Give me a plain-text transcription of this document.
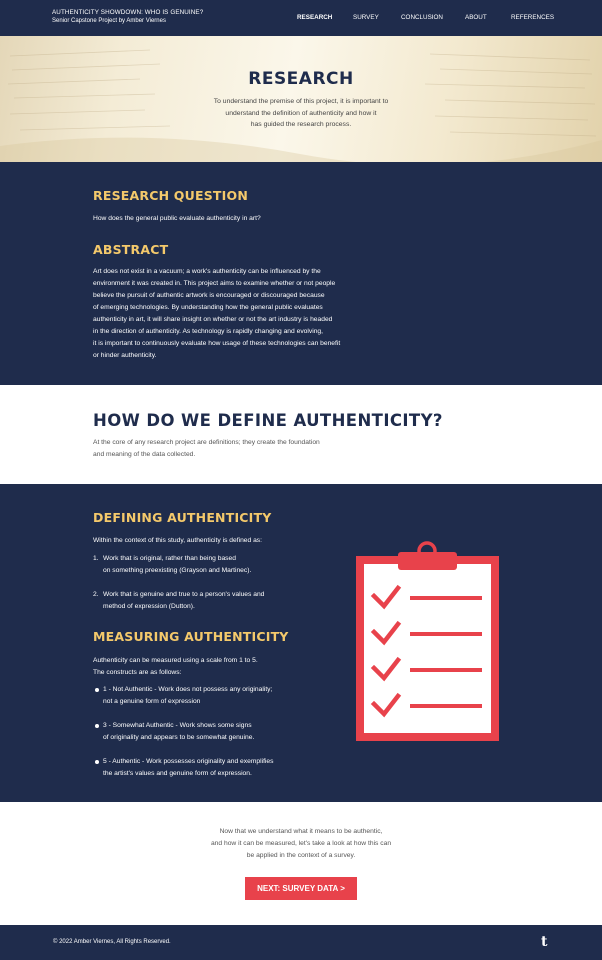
AUTHENTICITY SHOWDOWN: WHO IS GENUINE?
Senior Capstone Project by Amber Viernes	RESEARCH	SURVEY	CONCLUSION	ABOUT	REFERENCES
RESEARCH
To understand the premise of this project, it is important to
understand the definition of authenticity and how it
has guided the research process.
RESEARCH QUESTION
How does the general public evaluate authenticity in art?
ABSTRACT
Art does not exist in a vacuum; a work's authenticity can be influenced by the
environment it was created in. This project aims to examine whether or not people
believe the pursuit of authentic artwork is encouraged or discouraged because
of emerging technologies. By understanding how the general public evaluates
authenticity in art, it will share insight on whether or not the art industry is headed
in the direction of authenticity. As technology is rapidly changing and evolving,
it is important to continuously evaluate how usage of these technologies can benefit
or hinder authenticity.
HOW DO WE DEFINE AUTHENTICITY?
At the core of any research project are definitions; they create the foundation
and meaning of the data collected.
DEFINING AUTHENTICITY
Within the context of this study, authenticity is defined as:
1. Work that is original, rather than being based
on something preexisting (Grayson and Martinec).
2. Work that is genuine and true to a person's values and
method of expression (Dutton).
MEASURING AUTHENTICITY
Authenticity can be measured using a scale from 1 to 5.
The constructs are as follows:
1 - Not Authentic - Work does not possess any originality;
not a genuine form of expression
3 - Somewhat Authentic - Work shows some signs
of originality and appears to be somewhat genuine.
5 - Authentic - Work possesses originality and exemplifies
the artist's values and genuine form of expression.
Now that we understand what it means to be authentic,
and how it can be measured, let's take a look at how this can
be applied in the context of a survey.
NEXT: SURVEY DATA >
© 2022 Amber Viernes, All Rights Reserved.	t
